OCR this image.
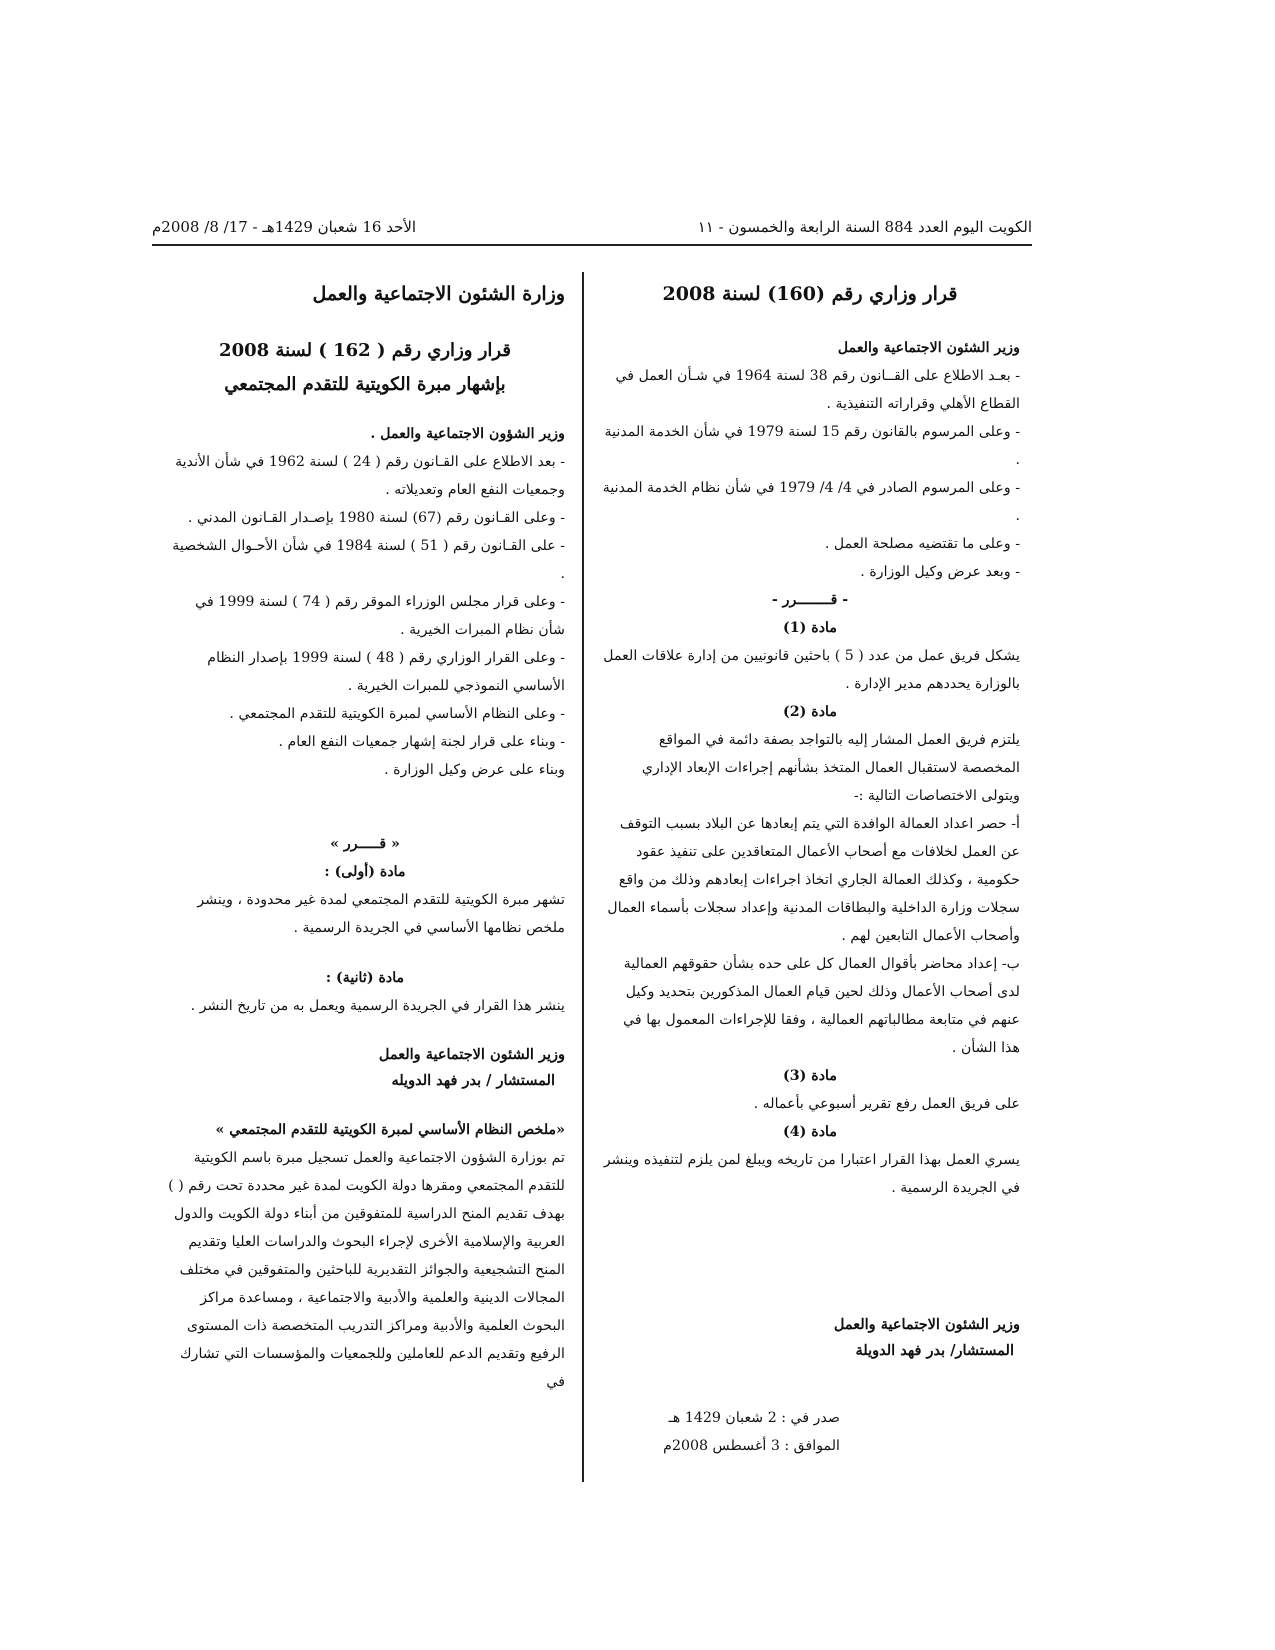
الكويت اليوم العدد 884 السنة الرابعة والخمسون - ١١
الأحد 16 شعبان 1429هـ - 17/ 8/ 2008م
قرار وزاري رقم (160) لسنة 2008

وزير الشئون الاجتماعية والعمل

- بعـد الاطلاع على القــانون رقم 38 لسنة 1964 في شـأن العمل في القطاع الأهلي وقراراته التنفيذية .

- وعلى المرسوم بالقانون رقم 15 لسنة 1979 في شأن الخدمة المدنية .

- وعلى المرسوم الصادر في 4/ 4/ 1979 في شأن نظام الخدمة المدنية .

- وعلى ما تقتضيه مصلحة العمل .

- وبعد عرض وكيل الوزارة .

- قــــــــرر -

مادة (1)

يشكل فريق عمل من عدد ( 5 ) باحثين قانونيين من إدارة علاقات العمل بالوزارة يحددهم مدير الإدارة .

مادة (2)

يلتزم فريق العمل المشار إليه بالتواجد بصفة دائمة في المواقع المخصصة لاستقبال العمال المتخذ بشأنهم إجراءات الإبعاد الإداري ويتولى الاختصاصات التالية :-

أ- حصر اعداد العمالة الوافدة التي يتم إبعادها عن البلاد بسبب التوقف عن العمل لخلافات مع أصحاب الأعمال المتعاقدين على تنفيذ عقود حكومية ، وكذلك العمالة الجاري اتخاذ اجراءات إبعادهم وذلك من واقع سجلات وزارة الداخلية والبطاقات المدنية وإعداد سجلات بأسماء العمال وأصحاب الأعمال التابعين لهم .

ب- إعداد محاضر بأقوال العمال كل على حده بشأن حقوقهم العمالية لدى أصحاب الأعمال وذلك لحين قيام العمال المذكورين بتحديد وكيل عنهم في متابعة مطالباتهم العمالية ، وفقا للإجراءات المعمول بها في هذا الشأن .

مادة (3)

على فريق العمل رفع تقرير أسبوعي بأعماله .

مادة (4)

يسري العمل بهذا القرار اعتبارا من تاريخه ويبلغ لمن يلزم لتنفيذه وينشر في الجريدة الرسمية .

وزير الشئون الاجتماعية والعمل

المستشار/ بدر فهد الدويلة

صدر في : 2 شعبان 1429 هـ

الموافق : 3 أغسطس 2008م

وزارة الشئون الاجتماعية والعمل
قرار وزاري رقم ( 162 ) لسنة 2008
بإشهار مبرة الكويتية للتقدم المجتمعي

وزير الشؤون الاجتماعية والعمل .

- بعد الاطلاع على القـانون رقم ( 24 ) لسنة 1962 في شأن الأندية وجمعيات النفع العام وتعديلاته .

- وعلى القـانون رقم (67) لسنة 1980 بإصـدار القـانون المدني .

- على القـانون رقم ( 51 ) لسنة 1984 في شأن الأحـوال الشخصية .

- وعلى قرار مجلس الوزراء الموقر رقم ( 74 ) لسنة 1999 في شأن نظام المبرات الخيرية .

- وعلى القرار الوزاري رقم ( 48 ) لسنة 1999 بإصدار النظام الأساسي النموذجي للمبرات الخيرية .

- وعلى النظام الأساسي لمبرة الكويتية للتقدم المجتمعي .

- وبناء على قرار لجنة إشهار جمعيات النفع العام .

وبناء على عرض وكيل الوزارة .

« قـــــرر »

مادة (أولى) :

تشهر مبرة الكويتية للتقدم المجتمعي لمدة غير محدودة ، وينشر ملخص نظامها الأساسي في الجريدة الرسمية .

مادة (ثانية) :

ينشر هذا القرار في الجريدة الرسمية ويعمل به من تاريخ النشر .

وزير الشئون الاجتماعية والعمل

المستشار / بدر فهد الدويله

«ملخص النظام الأساسي لمبرة الكويتية للتقدم المجتمعي »

تم بوزارة الشؤون الاجتماعية والعمل تسجيل مبرة باسم الكويتية للتقدم المجتمعي ومقرها دولة الكويت لمدة غير محددة تحت رقم ( ) بهدف تقديم المنح الدراسية للمتفوقين من أبناء دولة الكويت والدول العربية والإسلامية الأخرى لإجراء البحوث والدراسات العليا وتقديم المنح التشجيعية والجوائز التقديرية للباحثين والمتفوقين في مختلف المجالات الدينية والعلمية والأدبية والاجتماعية ، ومساعدة مراكز البحوث العلمية والأدبية ومراكز التدريب المتخصصة ذات المستوى الرفيع وتقديم الدعم للعاملين وللجمعيات والمؤسسات التي تشارك في
